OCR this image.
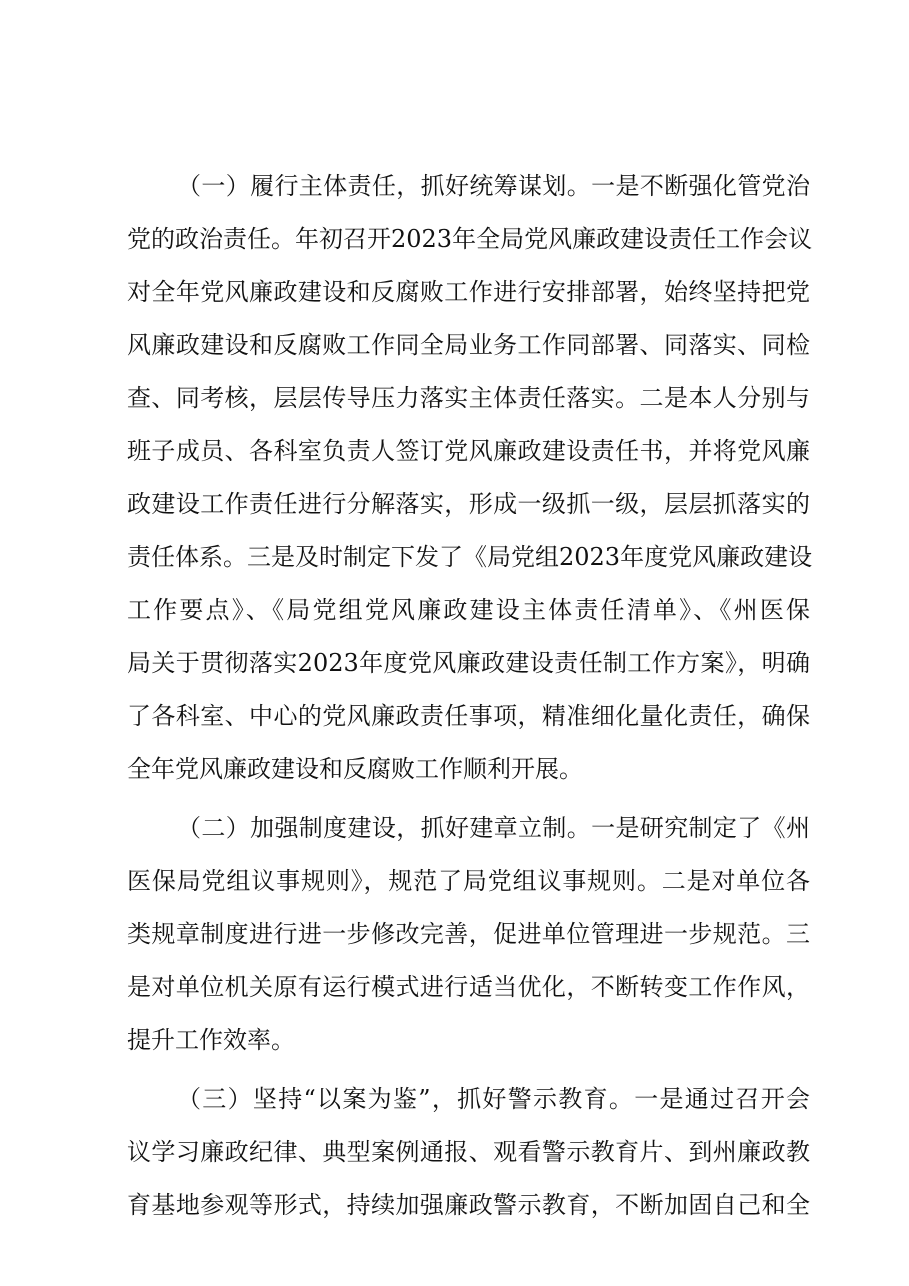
（一）履行主体责任，抓好统筹谋划。一是不断强化管党治
党的政治责任。年初召开2023年全局党风廉政建设责任工作会议
对全年党风廉政建设和反腐败工作进行安排部署，始终坚持把党
风廉政建设和反腐败工作同全局业务工作同部署、同落实、同检
查、同考核，层层传导压力落实主体责任落实。二是本人分别与
班子成员、各科室负责人签订党风廉政建设责任书，并将党风廉
政建设工作责任进行分解落实，形成一级抓一级，层层抓落实的
责任体系。三是及时制定下发了《局党组2023年度党风廉政建设
工作要点》、《局党组党风廉政建设主体责任清单》、《州医保
局关于贯彻落实2023年度党风廉政建设责任制工作方案》，明确
了各科室、中心的党风廉政责任事项，精准细化量化责任，确保
全年党风廉政建设和反腐败工作顺利开展。
（二）加强制度建设，抓好建章立制。一是研究制定了《州
医保局党组议事规则》，规范了局党组议事规则。二是对单位各
类规章制度进行进一步修改完善，促进单位管理进一步规范。三
是对单位机关原有运行模式进行适当优化，不断转变工作作风，
提升工作效率。
（三）坚持“以案为鉴”，抓好警示教育。一是通过召开会
议学习廉政纪律、典型案例通报、观看警示教育片、到州廉政教
育基地参观等形式，持续加强廉政警示教育，不断加固自己和全
